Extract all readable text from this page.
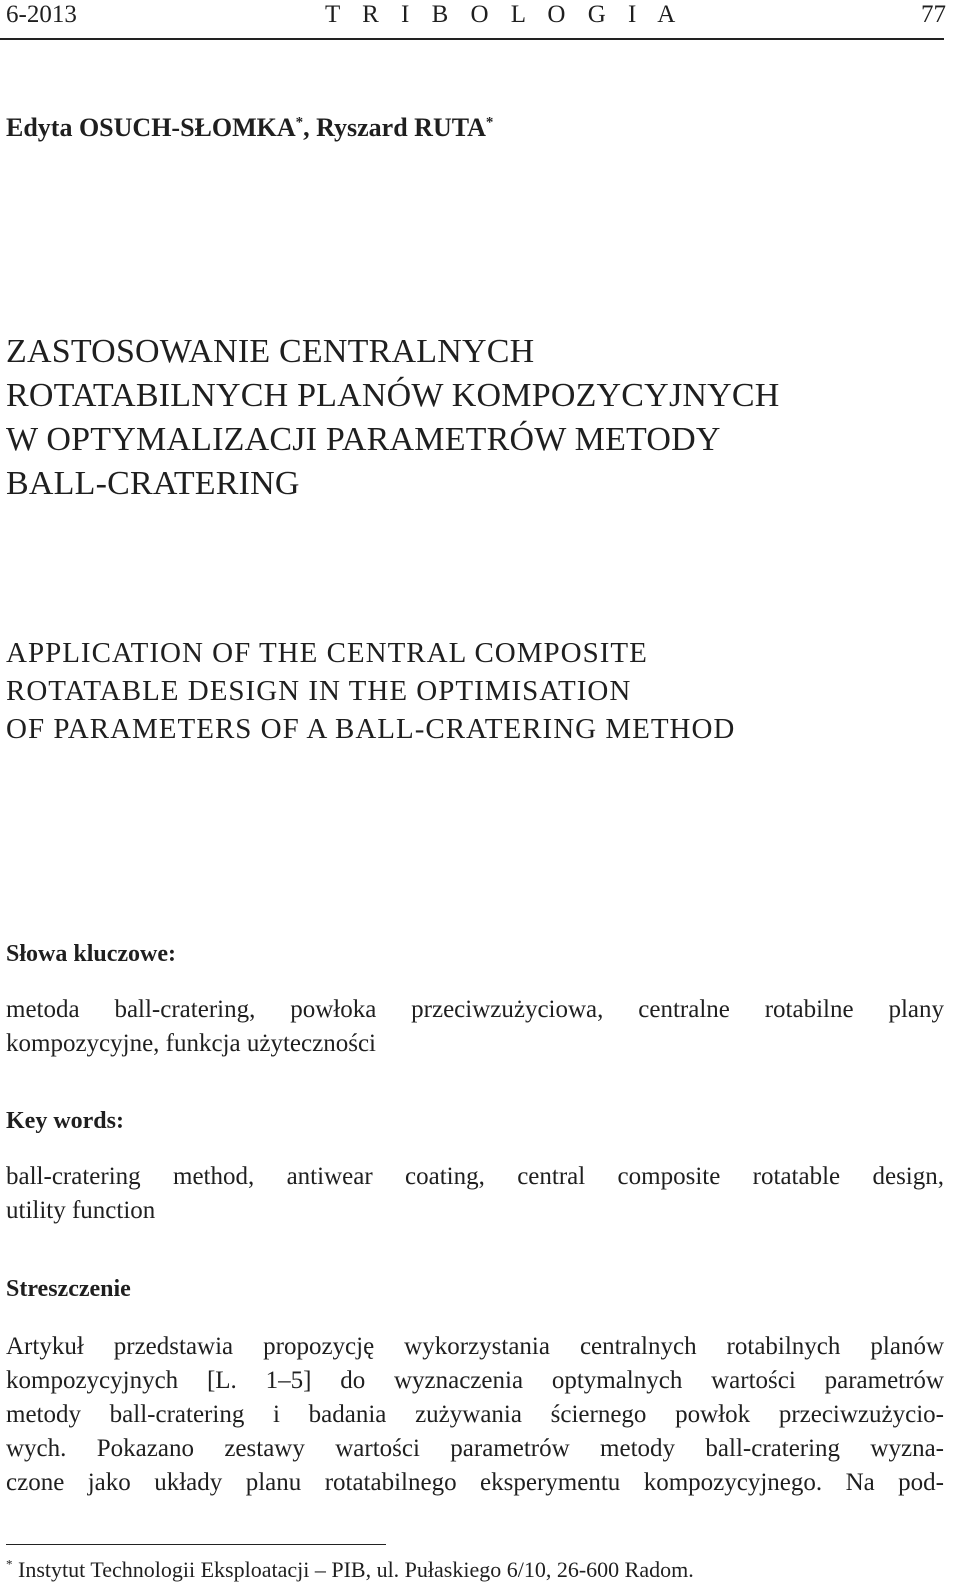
6-2013	T R I B O L O G I A	77
Edyta OSUCH-SŁOMKA*, Ryszard RUTA*
ZASTOSOWANIE CENTRALNYCH
ROTATABILNYCH PLANÓW KOMPOZYCYJNYCH
W OPTYMALIZACJI PARAMETRÓW METODY
BALL-CRATERING
APPLICATION OF THE CENTRAL COMPOSITE
ROTATABLE DESIGN IN THE OPTIMISATION
OF PARAMETERS OF A BALL-CRATERING METHOD
Słowa kluczowe:
metoda ball-cratering, powłoka przeciwzużyciowa, centralne rotabilne plany
kompozycyjne, funkcja użyteczności
Key words:
ball-cratering method, antiwear coating, central composite rotatable design,
utility function
Streszczenie
Artykuł przedstawia propozycję wykorzystania centralnych rotabilnych planów
kompozycyjnych [L. 1–5] do wyznaczenia optymalnych wartości parametrów
metody ball-cratering i badania zużywania ściernego powłok przeciwzużycio-
wych. Pokazano zestawy wartości parametrów metody ball-cratering wyzna-
czone jako układy planu rotatabilnego eksperymentu kompozycyjnego. Na pod-
* Instytut Technologii Eksploatacji – PIB, ul. Pułaskiego 6/10, 26-600 Radom.
